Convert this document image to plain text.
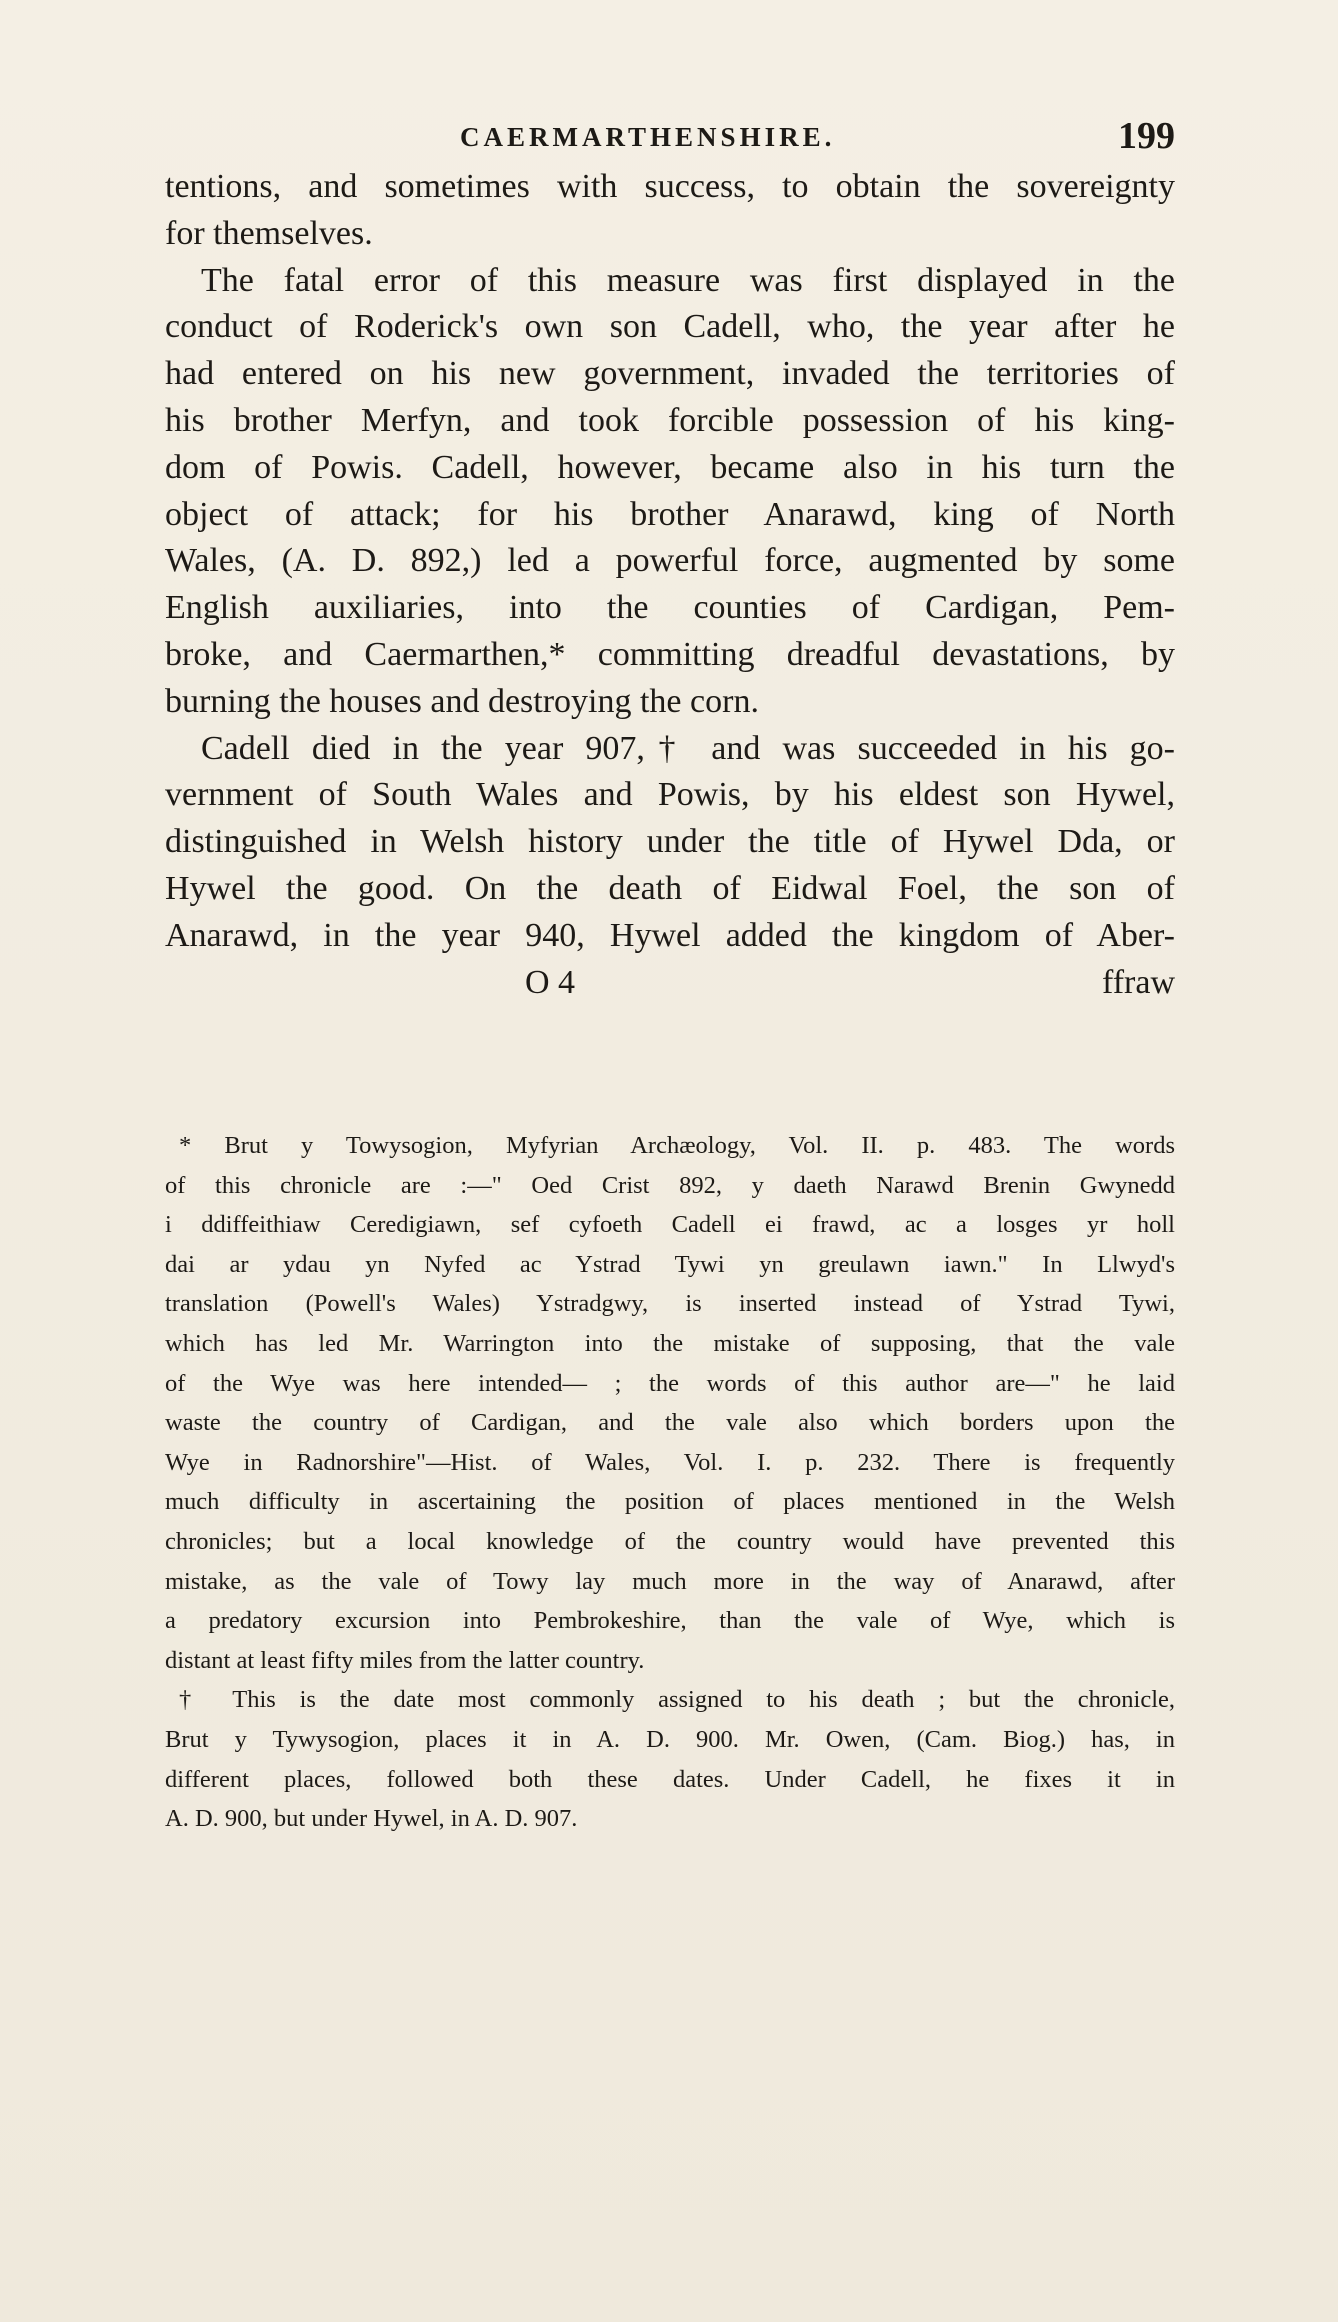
CAERMARTHENSHIRE.	199
tentions, and sometimes with success, to obtain the sovereignty
for themselves.
The fatal error of this measure was first displayed in the
conduct of Roderick's own son Cadell, who, the year after he
had entered on his new government, invaded the territories of
his brother Merfyn, and took forcible possession of his king-
dom of Powis. Cadell, however, became also in his turn the
object of attack; for his brother Anarawd, king of North
Wales, (A. D. 892,) led a powerful force, augmented by some
English auxiliaries, into the counties of Cardigan, Pem-
broke, and Caermarthen,* committing dreadful devastations, by
burning the houses and destroying the corn.
Cadell died in the year 907,† and was succeeded in his go-
vernment of South Wales and Powis, by his eldest son Hywel,
distinguished in Welsh history under the title of Hywel Dda, or
Hywel the good. On the death of Eidwal Foel, the son of
Anarawd, in the year 940, Hywel added the kingdom of Aber-
O 4	ffraw
* Brut y Towysogion, Myfyrian Archæology, Vol. II. p. 483. The words
of this chronicle are :—" Oed Crist 892, y daeth Narawd Brenin Gwynedd
i ddiffeithiaw Ceredigiawn, sef cyfoeth Cadell ei frawd, ac a losges yr holl
dai ar ydau yn Nyfed ac Ystrad Tywi yn greulawn iawn." In Llwyd's
translation (Powell's Wales) Ystradgwy, is inserted instead of Ystrad Tywi,
which has led Mr. Warrington into the mistake of supposing, that the vale
of the Wye was here intended— ; the words of this author are—" he laid
waste the country of Cardigan, and the vale also which borders upon the
Wye in Radnorshire"—Hist. of Wales, Vol. I. p. 232. There is frequently
much difficulty in ascertaining the position of places mentioned in the Welsh
chronicles; but a local knowledge of the country would have prevented this
mistake, as the vale of Towy lay much more in the way of Anarawd, after
a predatory excursion into Pembrokeshire, than the vale of Wye, which is
distant at least fifty miles from the latter country.
† This is the date most commonly assigned to his death ; but the chronicle,
Brut y Tywysogion, places it in A. D. 900. Mr. Owen, (Cam. Biog.) has, in
different places, followed both these dates. Under Cadell, he fixes it in
A. D. 900, but under Hywel, in A. D. 907.
